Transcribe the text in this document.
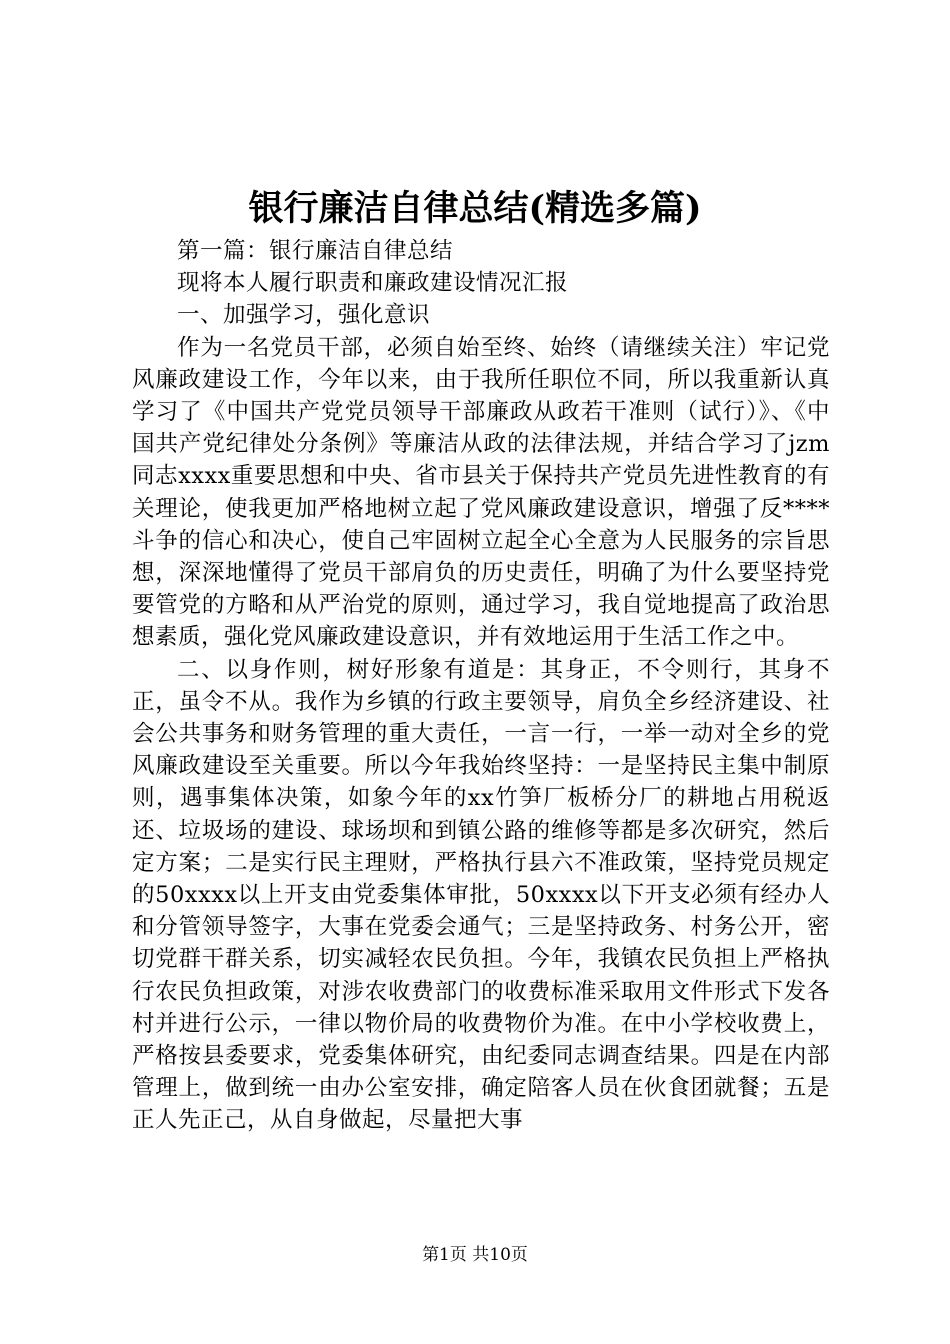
银行廉洁自律总结(精选多篇)

第一篇：银行廉洁自律总结

现将本人履行职责和廉政建设情况汇报

一、加强学习，强化意识

作为一名党员干部，必须自始至终、始终（请继续关注）牢记党风廉政建设工作，今年以来，由于我所任职位不同，所以我重新认真学习了《中国共产党党员领导干部廉政从政若干准则（试行）》、《中国共产党纪律处分条例》等廉洁从政的法律法规，并结合学习了jzm同志xxxx重要思想和中央、省市县关于保持共产党员先进性教育的有关理论，使我更加严格地树立起了党风廉政建设意识，增强了反****斗争的信心和决心，使自己牢固树立起全心全意为人民服务的宗旨思想，深深地懂得了党员干部肩负的历史责任，明确了为什么要坚持党要管党的方略和从严治党的原则，通过学习，我自觉地提高了政治思想素质，强化党风廉政建设意识，并有效地运用于生活工作之中。

二、以身作则，树好形象有道是：其身正，不令则行，其身不正，虽令不从。我作为乡镇的行政主要领导，肩负全乡经济建设、社会公共事务和财务管理的重大责任，一言一行，一举一动对全乡的党风廉政建设至关重要。所以今年我始终坚持：一是坚持民主集中制原则，遇事集体决策，如象今年的xx竹笋厂板桥分厂的耕地占用税返还、垃圾场的建设、球场坝和到镇公路的维修等都是多次研究，然后定方案；二是实行民主理财，严格执行县六不准政策，坚持党员规定的50xxxx以上开支由党委集体审批，50xxxx以下开支必须有经办人和分管领导签字，大事在党委会通气；三是坚持政务、村务公开，密切党群干群关系，切实减轻农民负担。今年，我镇农民负担上严格执行农民负担政策，对涉农收费部门的收费标准采取用文件形式下发各村并进行公示，一律以物价局的收费物价为准。在中小学校收费上，严格按县委要求，党委集体研究，由纪委同志调查结果。四是在内部管理上，做到统一由办公室安排，确定陪客人员在伙食团就餐；五是正人先正己，从自身做起，尽量把大事

第1页 共10页
